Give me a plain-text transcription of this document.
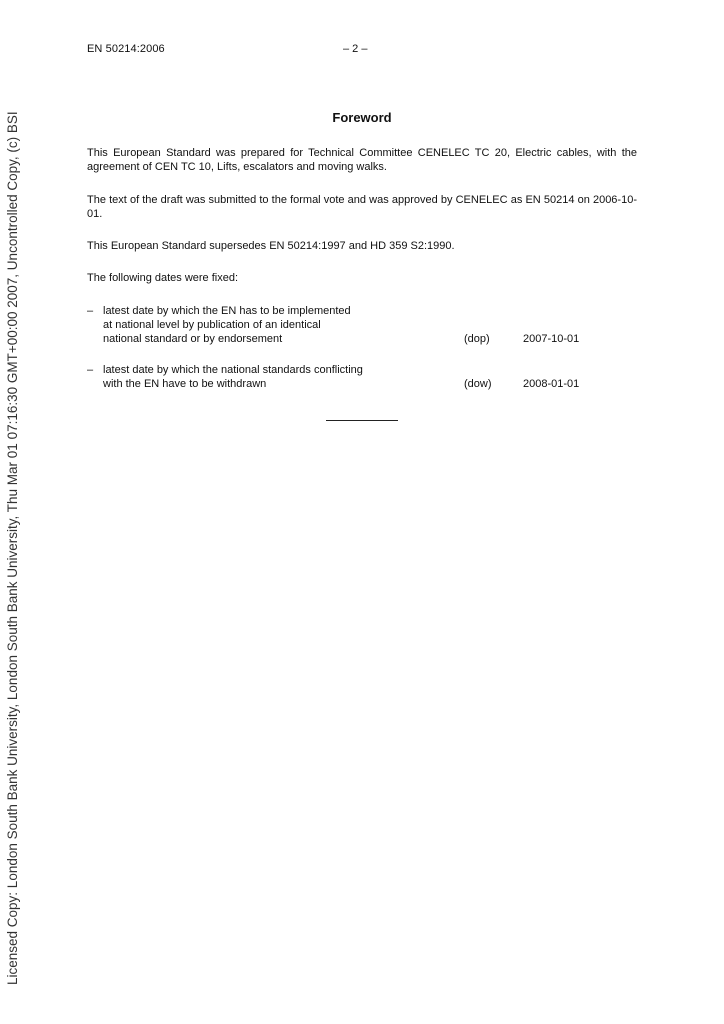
EN 50214:2006	– 2 –
Foreword
This European Standard was prepared for Technical Committee CENELEC TC 20, Electric cables, with the agreement of CEN TC 10, Lifts, escalators and moving walks.
The text of the draft was submitted to the formal vote and was approved by CENELEC as EN 50214 on 2006-10-01.
This European Standard supersedes EN 50214:1997 and HD 359 S2:1990.
The following dates were fixed:
– latest date by which the EN has to be implemented
at national level by publication of an identical
national standard or by endorsement	(dop)	2007-10-01
– latest date by which the national standards conflicting
with the EN have to be withdrawn	(dow)	2008-01-01
Licensed Copy: London South Bank University, London South Bank University, Thu Mar 01 07:16:30 GMT+00:00 2007, Uncontrolled Copy, (c) BSI
